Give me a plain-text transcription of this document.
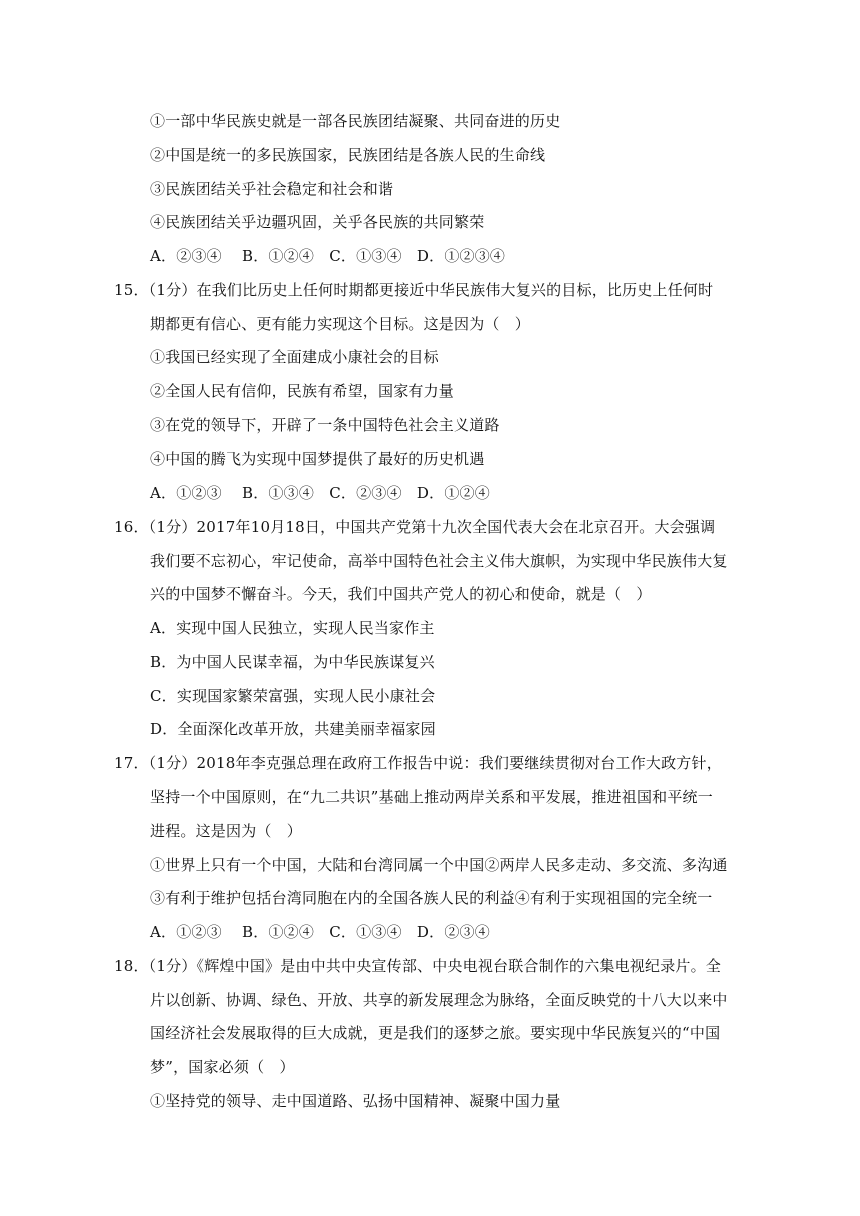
①一部中华民族史就是一部各民族团结凝聚、共同奋进的历史
②中国是统一的多民族国家，民族团结是各族人民的生命线
③民族团结关乎社会稳定和社会和谐
④民族团结关乎边疆巩固，关乎各民族的共同繁荣
A．②③④　 B．①②④　C．①③④　D．①②③④
15．（1分）在我们比历史上任何时期都更接近中华民族伟大复兴的目标，比历史上任何时
期都更有信心、更有能力实现这个目标。这是因为（　）
①我国已经实现了全面建成小康社会的目标
②全国人民有信仰，民族有希望，国家有力量
③在党的领导下，开辟了一条中国特色社会主义道路
④中国的腾飞为实现中国梦提供了最好的历史机遇
A．①②③　 B．①③④　C．②③④　D．①②④
16．（1分）2017年10月18日，中国共产党第十九次全国代表大会在北京召开。大会强调
我们要不忘初心，牢记使命，高举中国特色社会主义伟大旗帜，为实现中华民族伟大复
兴的中国梦不懈奋斗。今天，我们中国共产党人的初心和使命，就是（　）
A．实现中国人民独立，实现人民当家作主
B．为中国人民谋幸福，为中华民族谋复兴
C．实现国家繁荣富强，实现人民小康社会
D．全面深化改革开放，共建美丽幸福家园
17．（1分）2018年李克强总理在政府工作报告中说：我们要继续贯彻对台工作大政方针，
坚持一个中国原则，在“九二共识”基础上推动两岸关系和平发展，推进祖国和平统一
进程。这是因为（　）
①世界上只有一个中国，大陆和台湾同属一个中国②两岸人民多走动、多交流、多沟通
③有利于维护包括台湾同胞在内的全国各族人民的利益④有利于实现祖国的完全统一
A．①②③　 B．①②④　C．①③④　D．②③④
18．（1分）《辉煌中国》是由中共中央宣传部、中央电视台联合制作的六集电视纪录片。全
片以创新、协调、绿色、开放、共享的新发展理念为脉络，全面反映党的十八大以来中
国经济社会发展取得的巨大成就，更是我们的逐梦之旅。要实现中华民族复兴的“中国
梦”，国家必须（　）
①坚持党的领导、走中国道路、弘扬中国精神、凝聚中国力量
